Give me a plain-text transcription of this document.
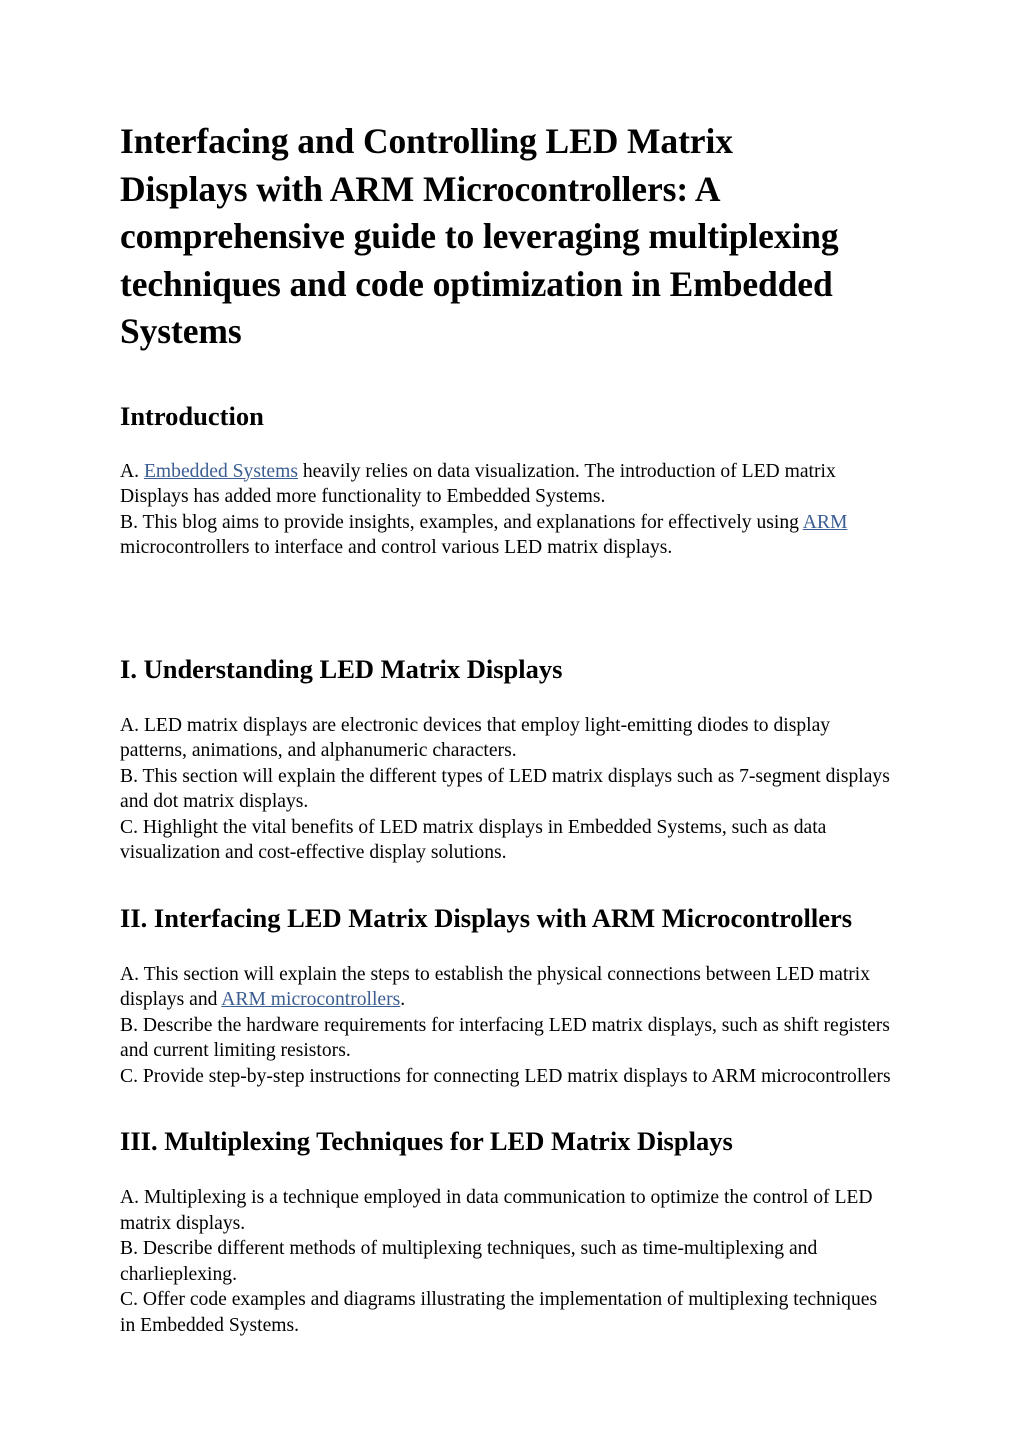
Interfacing and Controlling LED Matrix Displays with ARM Microcontrollers: A comprehensive guide to leveraging multiplexing techniques and code optimization in Embedded Systems
Introduction

A. Embedded Systems heavily relies on data visualization. The introduction of LED matrix Displays has added more functionality to Embedded Systems.

B. This blog aims to provide insights, examples, and explanations for effectively using ARM microcontrollers to interface and control various LED matrix displays.

I. Understanding LED Matrix Displays

A. LED matrix displays are electronic devices that employ light-emitting diodes to display patterns, animations, and alphanumeric characters.

B. This section will explain the different types of LED matrix displays such as 7-segment displays and dot matrix displays.

C. Highlight the vital benefits of LED matrix displays in Embedded Systems, such as data visualization and cost-effective display solutions.

II. Interfacing LED Matrix Displays with ARM Microcontrollers

A. This section will explain the steps to establish the physical connections between LED matrix displays and ARM microcontrollers.

B. Describe the hardware requirements for interfacing LED matrix displays, such as shift registers and current limiting resistors.

C. Provide step-by-step instructions for connecting LED matrix displays to ARM microcontrollers

III. Multiplexing Techniques for LED Matrix Displays

A. Multiplexing is a technique employed in data communication to optimize the control of LED matrix displays.

B. Describe different methods of multiplexing techniques, such as time-multiplexing and charlieplexing.

C. Offer code examples and diagrams illustrating the implementation of multiplexing techniques in Embedded Systems.
